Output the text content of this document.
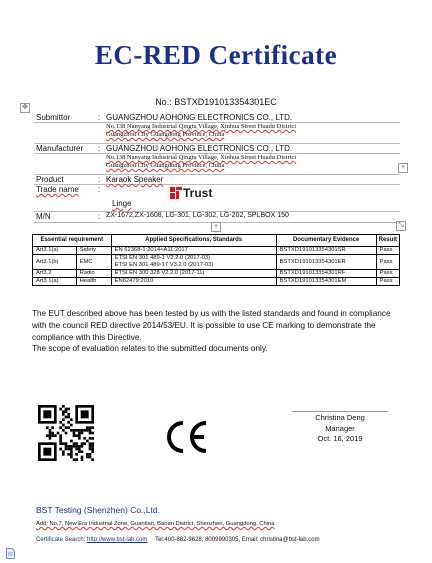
EC-RED Certificate
No.: BSTXD191013354301EC
✥
Submittor	: GUANGZHOU AOHONG ELECTRONICS CO., LTD.
No.138 Nanyang Industrial Qingtu Village, Xinhua Street Huadu District
Guangzhou City Guangdong Province, China
Manufacturer	: GUANGZHOU AOHONG ELECTRONICS CO., LTD.
No.138 Nanyang Industrial Qingtu Village, Xinhua Street Huadu District
Guangzhou City Guangdong Province, China
Product	: Karaok Speaker
Trade name	:	~~~~~~~~
Linge
Trust
M/N	: ZX-1672,ZX-1608, LG-301, LG-302, LG-202, SPLBOX 150
+
+	⤡
Essential requirement		Applied Specifications, Standards	Documentary Evidence	Result
Art3.1(a)	Safety	EN 62368-1:2014+A11:2017	BSTXD191013354301SR	Pass
Art3.1(b)	EMC	ETSI EN 301 489-1 V2.2.0 (2017-03)
ETSI EN 301 489-17 V3.2.0 (2017-03)	BSTXD191013354301ER	Pass
Art3.2	Radio	ETSI EN 300 328 V2.2.0 (2017-11)	BSTXD191013354301RF	Pass
Art3.1(a)	Health	EN62479:2010	BSTXD191013354301EM	Pass
The EUT described above has been tested by us with the listed standards and found in compliance with the council RED directive 2014/53/EU. It is possible to use CE marking to demonstrate the compliance with this Directive.
The scope of evaluation relates to the submitted documents only.
Christina Deng
Manager
Oct. 16, 2019
BST Testing (Shenzhen) Co.,Ltd.
Add: No.7, New Era Industrial Zone, Guantian, Baoan District, Shenzhen, Guangdong, China
Certificate Search: http://www.bst-lab.com Tel:400-882-9628, 8009990305, Email: christina@bst-lab.com
